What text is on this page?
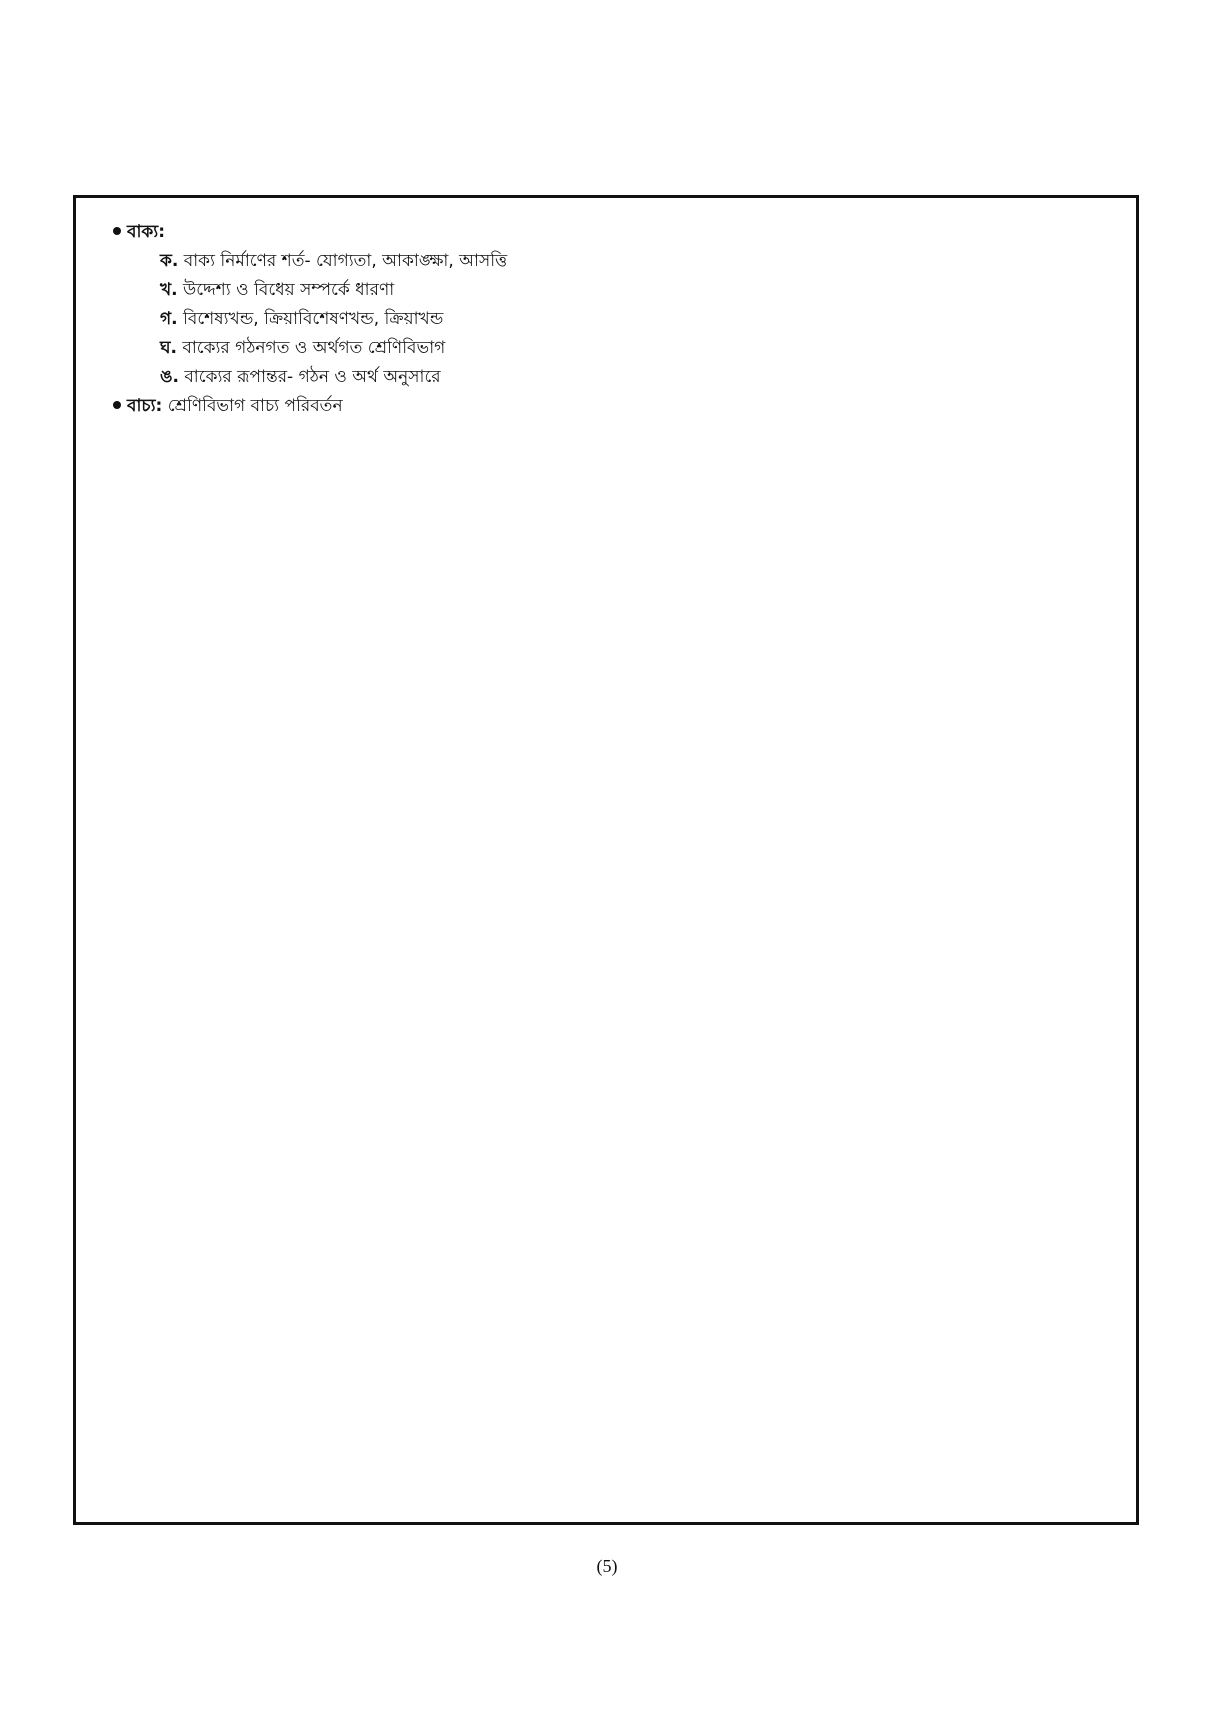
বাক্য:
ক. বাক্য নির্মাণের শর্ত- যোগ্যতা, আকাঙ্ক্ষা, আসত্তি
খ. উদ্দেশ্য ও বিধেয় সম্পর্কে ধারণা
গ. বিশেষ্যখন্ড, ক্রিয়াবিশেষণখন্ড, ক্রিয়াখন্ড
ঘ. বাক্যের গঠনগত ও অর্থগত শ্রেণিবিভাগ
ঙ. বাক্যের রূপান্তর- গঠন ও অর্থ অনুসারে
বাচ্য: শ্রেণিবিভাগ বাচ্য পরিবর্তন
(5)
